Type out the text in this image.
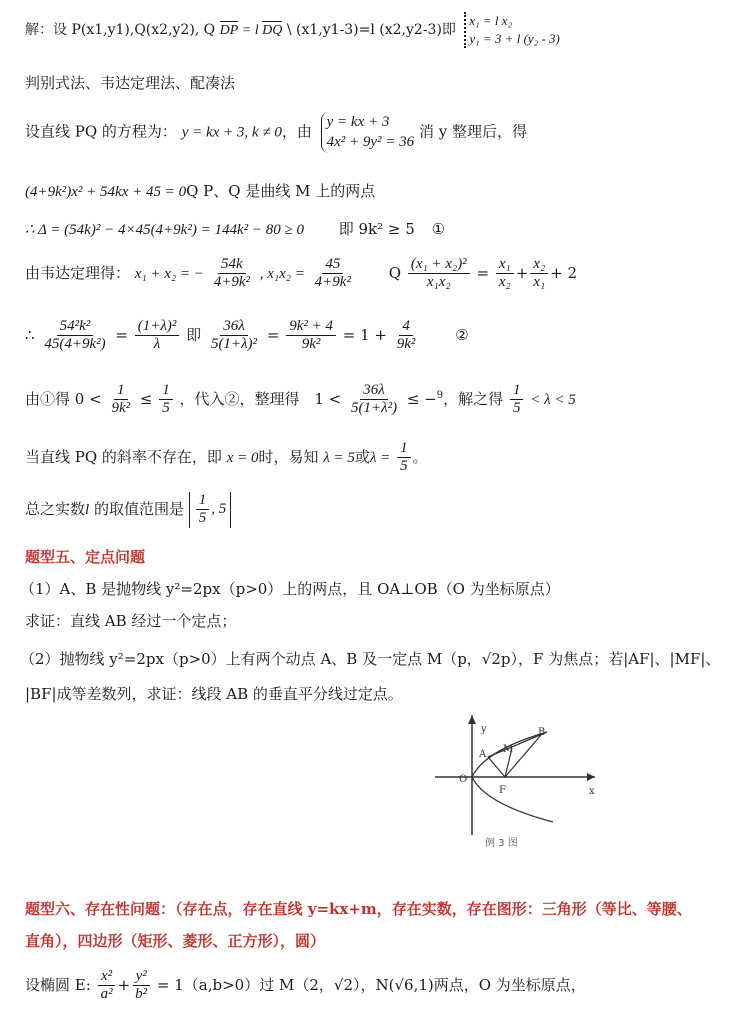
解：设 P(x1,y1),Q(x2,y2), Q DP = l DQ \ (x1,y1-3)=l (x2,y2-3)即
x₁ = l x₂
y₁ = 3 + l (y₂ - 3)
判别式法、韦达定理法、配凑法
设直线 PQ 的方程为： y = kx + 3, k ≠ 0，由
y = kx + 3
4x² + 9y² = 36
消 y 整理后，得
(4+9k²)x² + 54kx + 45 = 0Q P、Q 是曲线 M 上的两点
∴ Δ = (54k)² − 4×45(4+9k²) = 144k² − 80 ≥ 0 即 9k² ≥ 5 ①
由韦达定理得： x₁ + x₂ = − $\frac{54k}{\text{4+9k²}}$ , $x_1x_2 = \frac{45}{\text{4+9k²}}$ Q $\frac{\text{(x₁ + x₂)²}}{\text{x₁x₂}} = \frac{\text{x₁}}{\text{x₂}} + \frac{\text{x₂}}{\text{x₁}} + 2$
∴ $\frac{\text{54²k²}}{\text{45(4+9k²)}} = \frac{\text{(1+λ)²}}{\lambda}$ 即 $\frac{36\lambda}{\text{5(1+λ)²}} = \frac{\text{9k² + 4}}{\text{9k²}} = 1 + \frac{4}{\text{9k²}}$ ②
由①得 $0 < \frac{1}{\text{9k²}} \le \frac{1}{5}$ ，代入②，整理得 $1 < \frac{36\lambda}{\text{5(1+λ²)}} \le -^9$，解之得 $\frac{1}{5} < \lambda < 5$
当直线 PQ 的斜率不存在，即 x = 0时，易知 λ = 5或$\lambda = \frac{1}{5}$ 。
总之实数l 的取值范围是 $\frac{1}{5}$ , 5
题型五、定点问题
（1）A、B 是抛物线 y²=2px（p>0）上的两点，且 OA⊥OB（O 为坐标原点）
求证：直线 AB 经过一个定点；
（2）抛物线 y²=2px（p>0）上有两个动点 A、B 及一定点 M（p，√2p），F 为焦点；若|AF|、|MF|、
|BF|成等差数列，求证：线段 AB 的垂直平分线过定点。
y
x
O
F
A M
B
例 3 图
题型六、存在性问题：（存在点，存在直线 y=kx+m，存在实数，存在图形：三角形（等比、等腰、
直角），四边形（矩形、菱形、正方形），圆）
设椭圆 E: $\frac{\text{x²}}{\text{a²}} + \frac{\text{y²}}{\text{b²}} = 1(a,b>0)$过 M（2，√2），N(√6,1)两点，O 为坐标原点，
